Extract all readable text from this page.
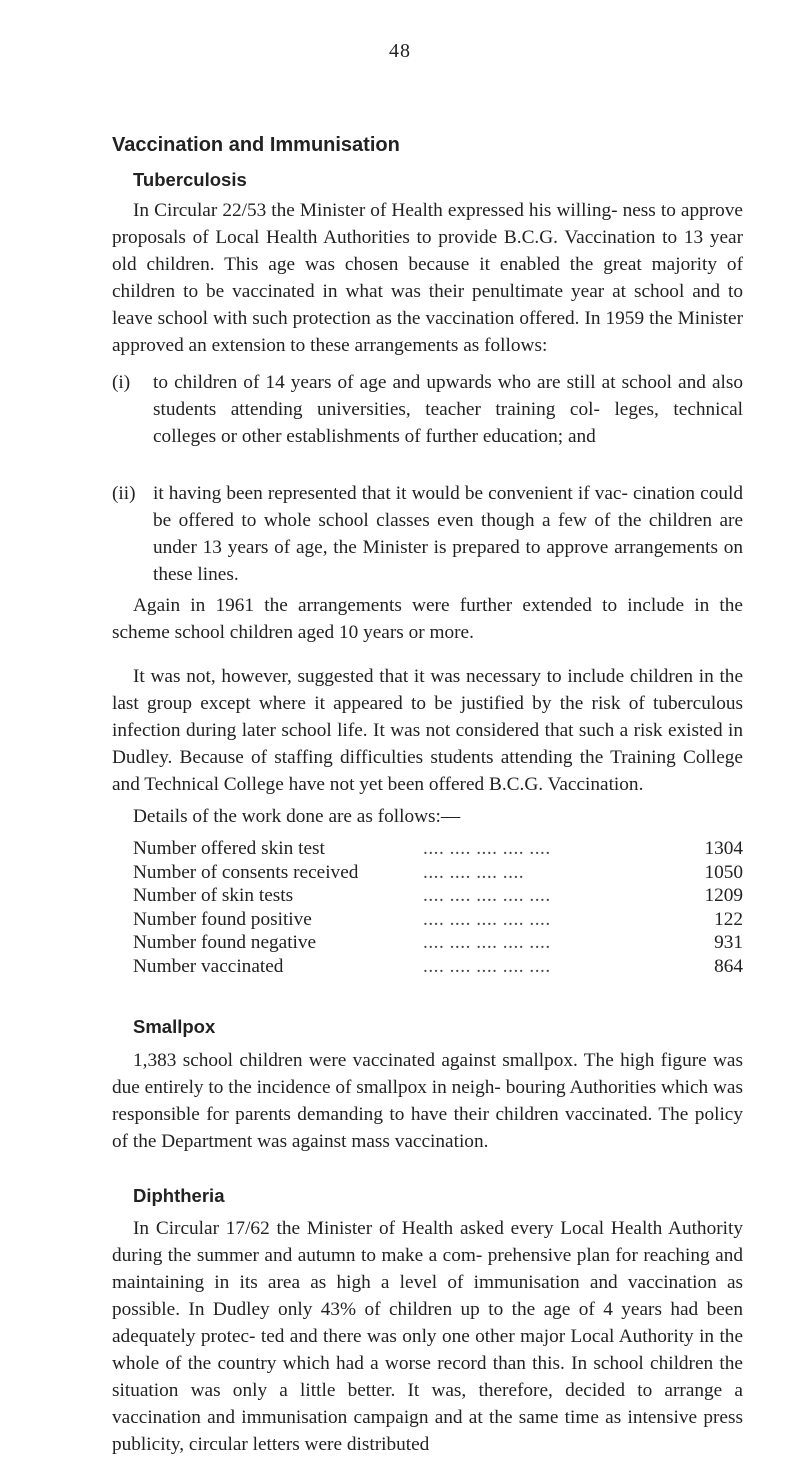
48
Vaccination and Immunisation
Tuberculosis

In Circular 22/53 the Minister of Health expressed his willing- ness to approve proposals of Local Health Authorities to provide B.C.G. Vaccination to 13 year old children. This age was chosen because it enabled the great majority of children to be vaccinated in what was their penultimate year at school and to leave school with such protection as the vaccination offered. In 1959 the Minister approved an extension to these arrangements as follows:

(i)	to children of 14 years of age and upwards who are still at school and also students attending universities, teacher training col- leges, technical colleges or other establishments of further education; and

(ii) it having been represented that it would be convenient if vac- cination could be offered to whole school classes even though a few of the children are under 13 years of age, the Minister is prepared to approve arrangements on these lines.

Again in 1961 the arrangements were further extended to include in the scheme school children aged 10 years or more.

It was not, however, suggested that it was necessary to include children in the last group except where it appeared to be justified by the risk of tuberculous infection during later school life. It was not considered that such a risk existed in Dudley. Because of staffing difficulties students attending the Training College and Technical College have not yet been offered B.C.G. Vaccination.

Details of the work done are as follows:—

Number offered skin test	.... .... .... .... ....	1304
Number of consents received	.... .... .... ....	1050
Number of skin tests	.... .... .... .... ....	1209
Number found positive	.... .... .... .... ....	122
Number found negative	.... .... .... .... ....	931
Number vaccinated	.... .... .... .... ....	864
Smallpox

1,383 school children were vaccinated against smallpox. The high figure was due entirely to the incidence of smallpox in neigh- bouring Authorities which was responsible for parents demanding to have their children vaccinated. The policy of the Department was against mass vaccination.

Diphtheria

In Circular 17/62 the Minister of Health asked every Local Health Authority during the summer and autumn to make a com- prehensive plan for reaching and maintaining in its area as high a level of immunisation and vaccination as possible. In Dudley only 43% of children up to the age of 4 years had been adequately protec- ted and there was only one other major Local Authority in the whole of the country which had a worse record than this. In school children the situation was only a little better. It was, therefore, decided to arrange a vaccination and immunisation campaign and at the same time as intensive press publicity, circular letters were distributed
